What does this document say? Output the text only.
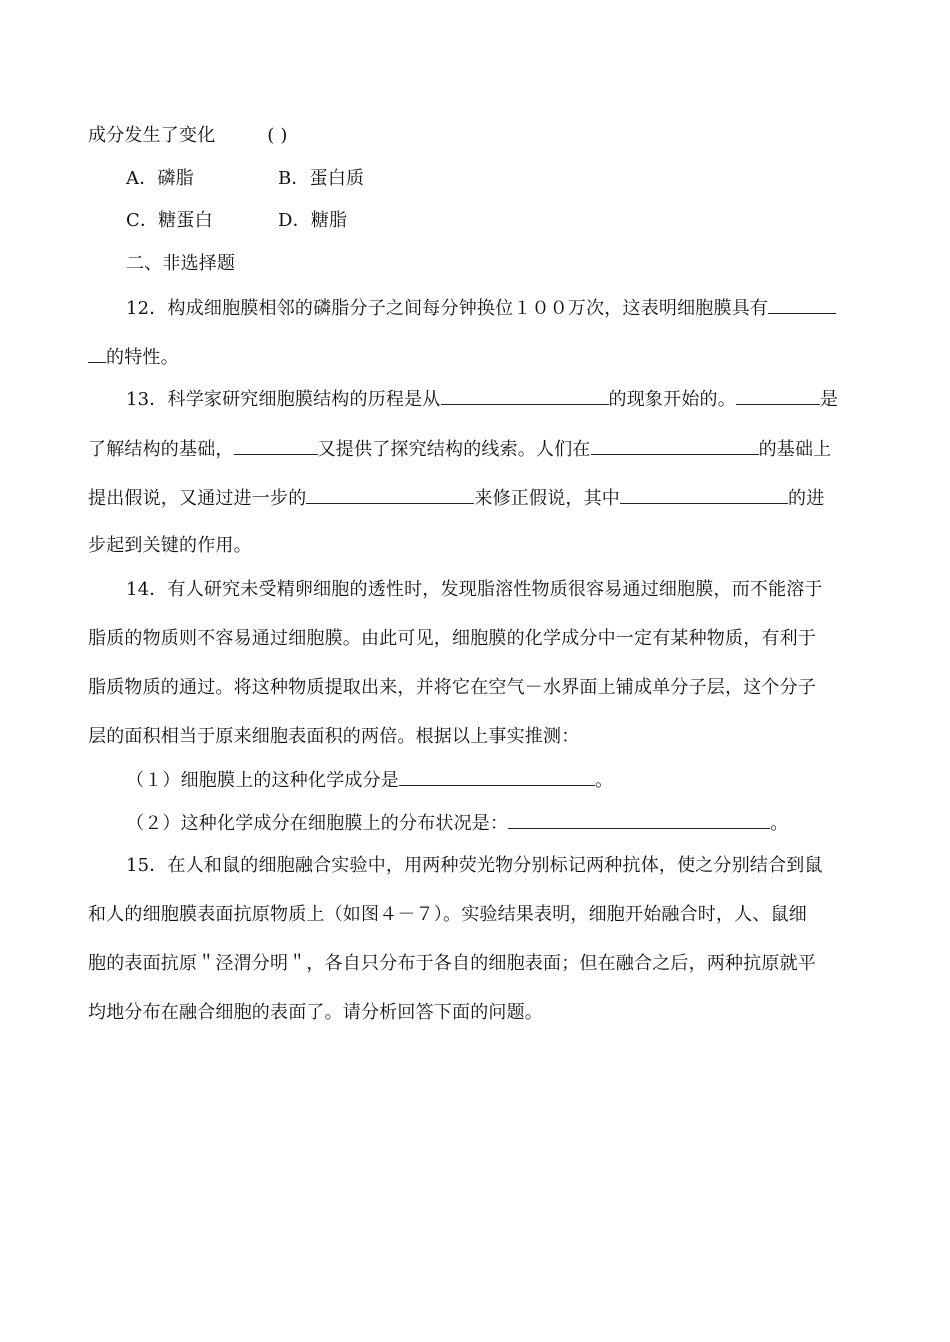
成分发生了变化	( )
A．磷脂	B．蛋白质
C．糖蛋白	D．糖脂
二、非选择题
12．构成细胞膜相邻的磷脂分子之间每分钟换位１００万次，这表明细胞膜具有
的特性。
13．科学家研究细胞膜结构的历程是从	的现象开始的。	是
了解结构的基础，	又提供了探究结构的线索。人们在	的基础上
提出假说，又通过进一步的	来修正假说，其中	的进
步起到关键的作用。
14．有人研究未受精卵细胞的透性时，发现脂溶性物质很容易通过细胞膜，而不能溶于
脂质的物质则不容易通过细胞膜。由此可见，细胞膜的化学成分中一定有某种物质，有利于
脂质物质的通过。将这种物质提取出来，并将它在空气－水界面上铺成单分子层，这个分子
层的面积相当于原来细胞表面积的两倍。根据以上事实推测：
（１）细胞膜上的这种化学成分是	。
（２）这种化学成分在细胞膜上的分布状况是：	。
15．在人和鼠的细胞融合实验中，用两种荧光物分别标记两种抗体，使之分别结合到鼠
和人的细胞膜表面抗原物质上（如图４－７）。实验结果表明，细胞开始融合时，人、鼠细
胞的表面抗原＂泾渭分明＂，各自只分布于各自的细胞表面；但在融合之后，两种抗原就平
均地分布在融合细胞的表面了。请分析回答下面的问题。
